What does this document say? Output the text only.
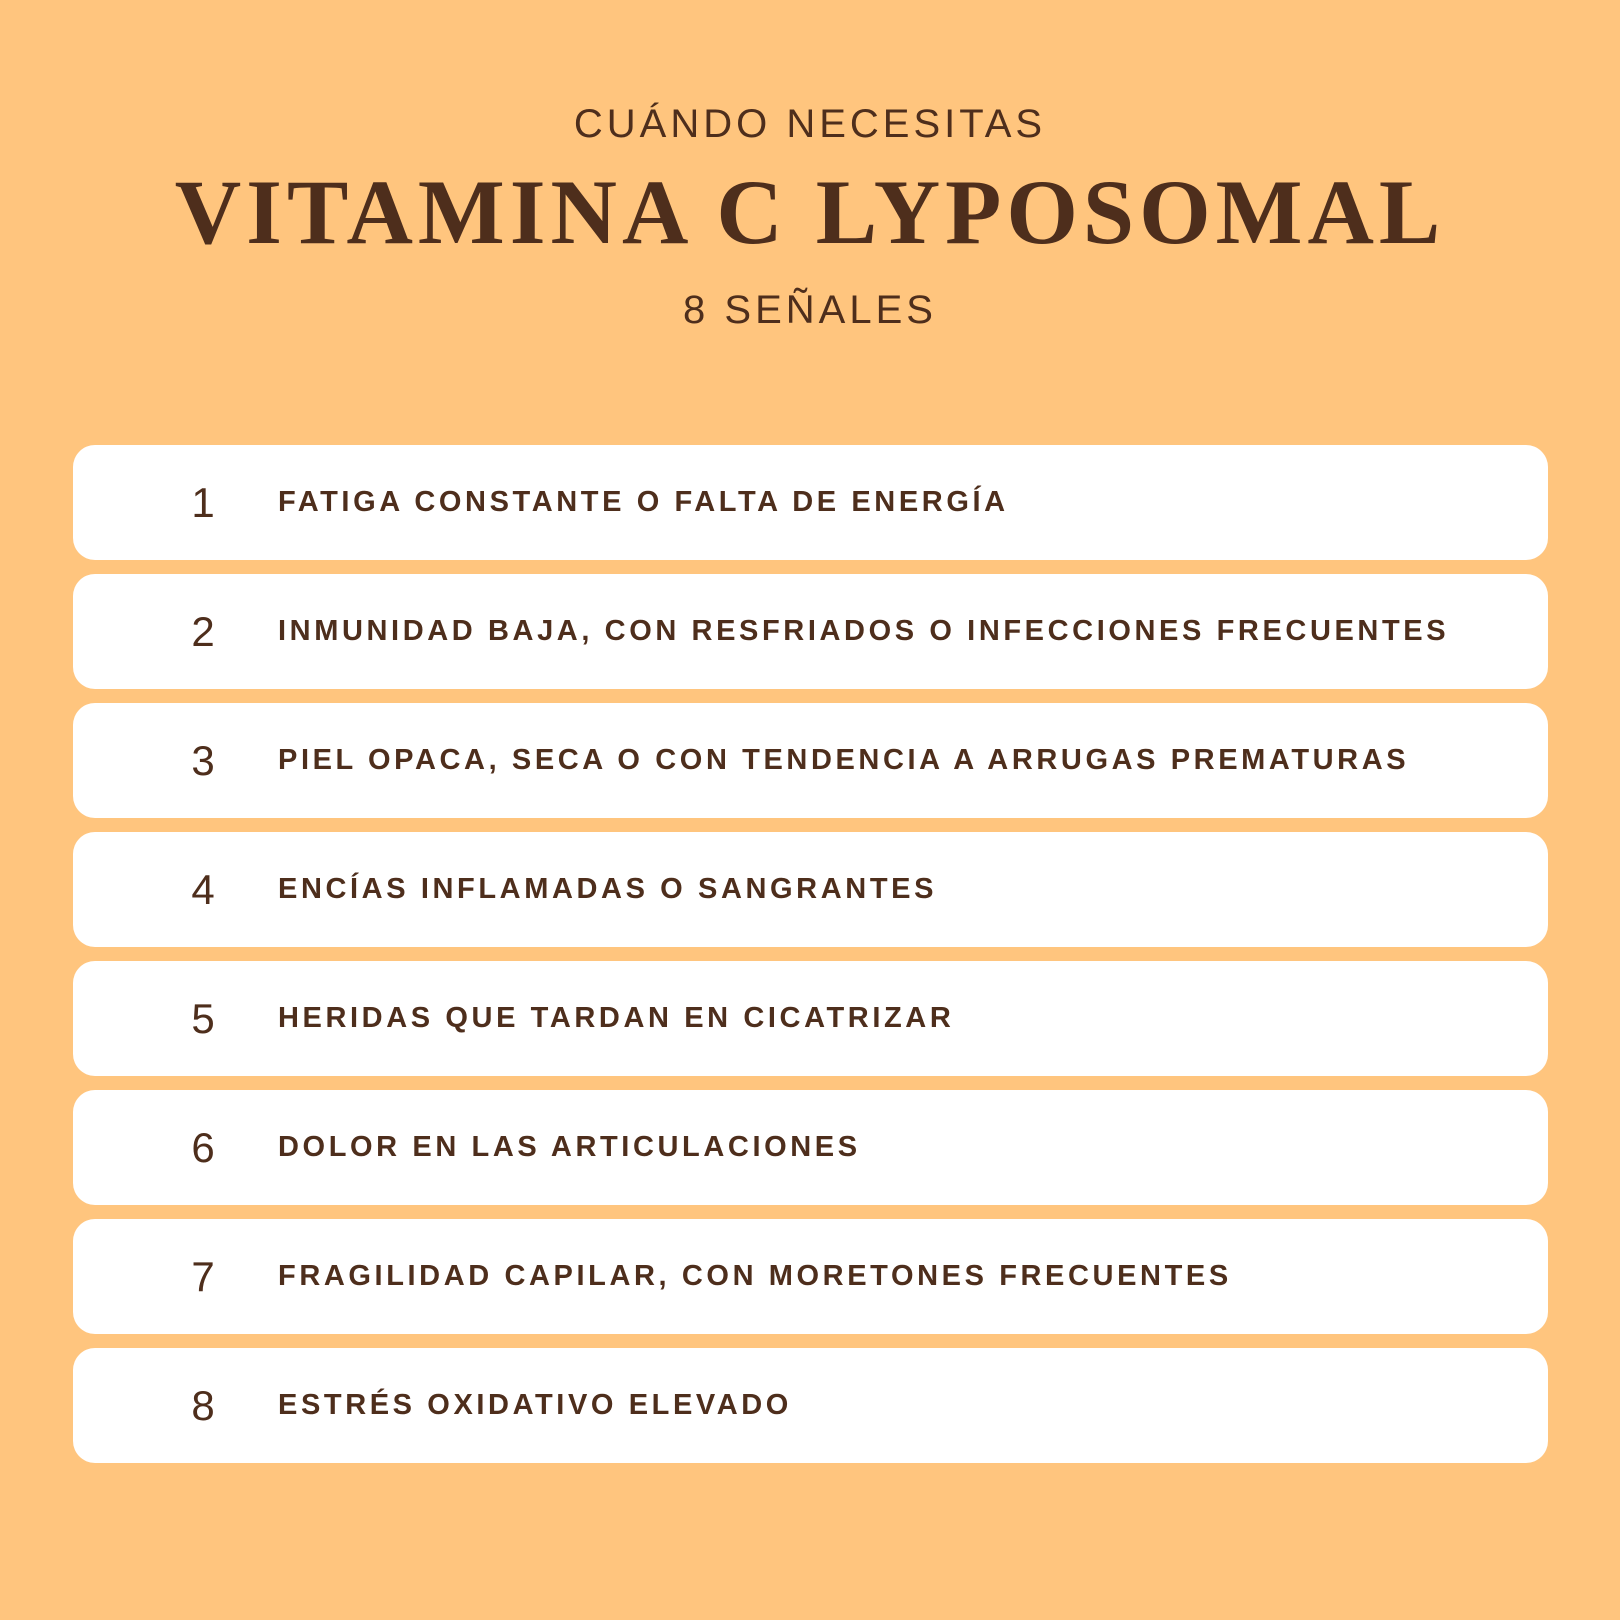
CUÁNDO NECESITAS
VITAMINA C LYPOSOMAL
8 SEÑALES
1	FATIGA CONSTANTE O FALTA DE ENERGÍA
2	INMUNIDAD BAJA, CON RESFRIADOS O INFECCIONES FRECUENTES
3	PIEL OPACA, SECA O CON TENDENCIA A ARRUGAS PREMATURAS
4	ENCÍAS INFLAMADAS O SANGRANTES
5	HERIDAS QUE TARDAN EN CICATRIZAR
6	DOLOR EN LAS ARTICULACIONES
7	FRAGILIDAD CAPILAR, CON MORETONES FRECUENTES
8	ESTRÉS OXIDATIVO ELEVADO
